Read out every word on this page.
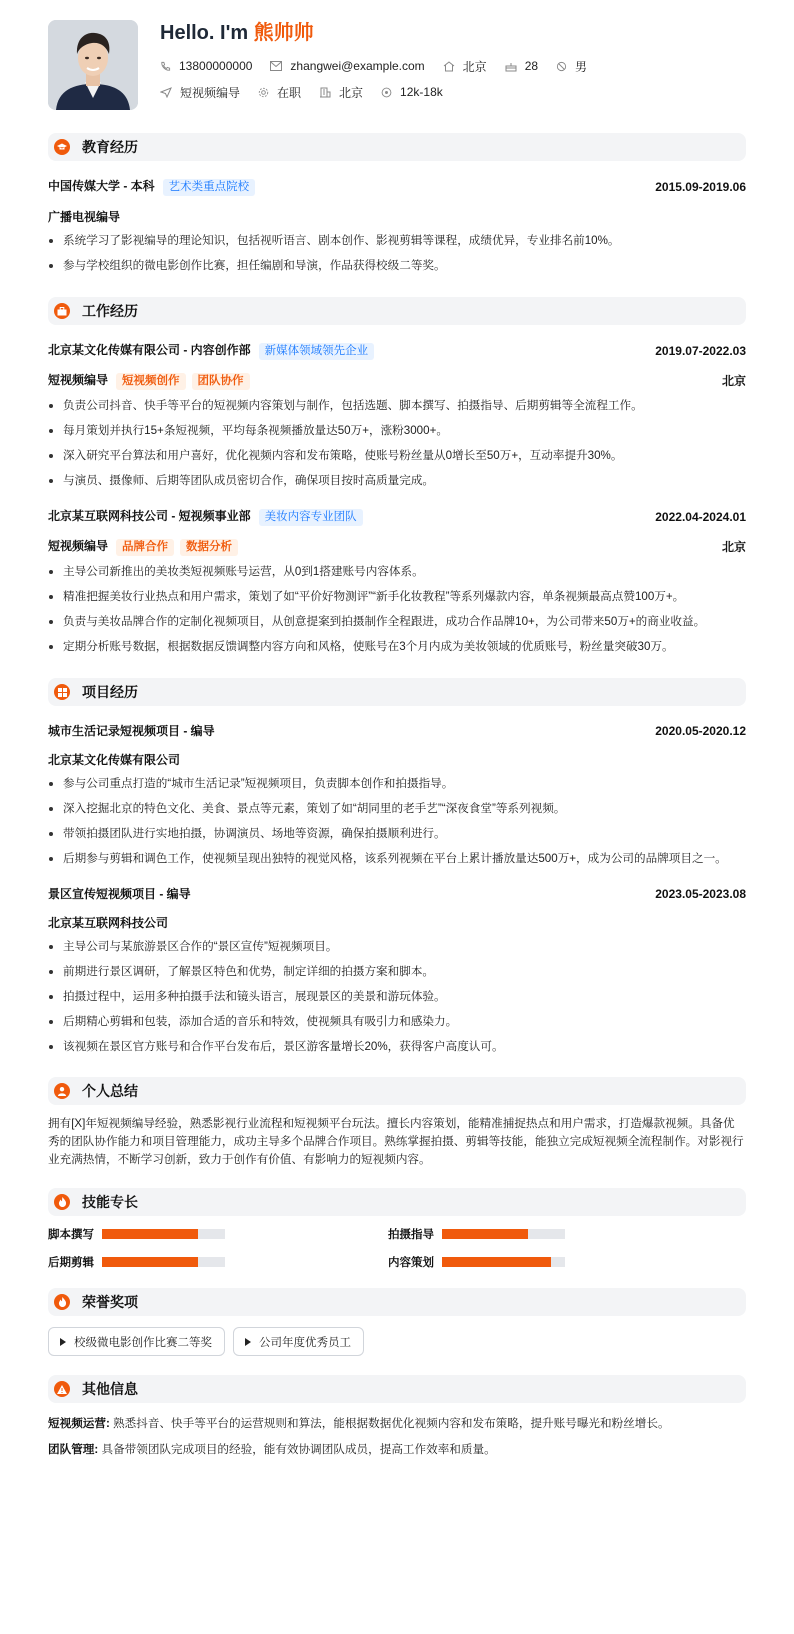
Hello. I'm 熊帅帅
13800000000	zhangwei@example.com	北京	28	男
短视频编导	在职	北京	12k-18k
教育经历
中国传媒大学 - 本科 艺术类重点院校	2015.09-2019.06
广播电视编导
系统学习了影视编导的理论知识，包括视听语言、剧本创作、影视剪辑等课程，成绩优异，专业排名前10%。
参与学校组织的微电影创作比赛，担任编剧和导演，作品获得校级二等奖。
工作经历
北京某文化传媒有限公司 - 内容创作部 新媒体领域领先企业	2019.07-2022.03
短视频编导 短视频创作 团队协作	北京
负责公司抖音、快手等平台的短视频内容策划与制作，包括选题、脚本撰写、拍摄指导、后期剪辑等全流程工作。
每月策划并执行15+条短视频，平均每条视频播放量达50万+，涨粉3000+。
深入研究平台算法和用户喜好，优化视频内容和发布策略，使账号粉丝量从0增长至50万+，互动率提升30%。
与演员、摄像师、后期等团队成员密切合作，确保项目按时高质量完成。
北京某互联网科技公司 - 短视频事业部 美妆内容专业团队	2022.04-2024.01
短视频编导 品牌合作 数据分析	北京
主导公司新推出的美妆类短视频账号运营，从0到1搭建账号内容体系。
精准把握美妆行业热点和用户需求，策划了如“平价好物测评”“新手化妆教程”等系列爆款内容，单条视频最高点赞100万+。
负责与美妆品牌合作的定制化视频项目，从创意提案到拍摄制作全程跟进，成功合作品牌10+，为公司带来50万+的商业收益。
定期分析账号数据，根据数据反馈调整内容方向和风格，使账号在3个月内成为美妆领域的优质账号，粉丝量突破30万。
项目经历
城市生活记录短视频项目 - 编导	2020.05-2020.12
北京某文化传媒有限公司
参与公司重点打造的“城市生活记录”短视频项目，负责脚本创作和拍摄指导。
深入挖掘北京的特色文化、美食、景点等元素，策划了如“胡同里的老手艺”“深夜食堂”等系列视频。
带领拍摄团队进行实地拍摄，协调演员、场地等资源，确保拍摄顺利进行。
后期参与剪辑和调色工作，使视频呈现出独特的视觉风格，该系列视频在平台上累计播放量达500万+，成为公司的品牌项目之一。
景区宣传短视频项目 - 编导	2023.05-2023.08
北京某互联网科技公司
主导公司与某旅游景区合作的“景区宣传”短视频项目。
前期进行景区调研，了解景区特色和优势，制定详细的拍摄方案和脚本。
拍摄过程中，运用多种拍摄手法和镜头语言，展现景区的美景和游玩体验。
后期精心剪辑和包装，添加合适的音乐和特效，使视频具有吸引力和感染力。
该视频在景区官方账号和合作平台发布后，景区游客量增长20%，获得客户高度认可。
个人总结
拥有[X]年短视频编导经验，熟悉影视行业流程和短视频平台玩法。擅长内容策划，能精准捕捉热点和用户需求，打造爆款视频。具备优秀的团队协作能力和项目管理能力，成功主导多个品牌合作项目。熟练掌握拍摄、剪辑等技能，能独立完成短视频全流程制作。对影视行业充满热情，不断学习创新，致力于创作有价值、有影响力的短视频内容。
技能专长
脚本撰写	拍摄指导
后期剪辑	内容策划
荣誉奖项
校级微电影创作比赛二等奖	公司年度优秀员工
其他信息
短视频运营: 熟悉抖音、快手等平台的运营规则和算法，能根据数据优化视频内容和发布策略，提升账号曝光和粉丝增长。
团队管理: 具备带领团队完成项目的经验，能有效协调团队成员，提高工作效率和质量。
